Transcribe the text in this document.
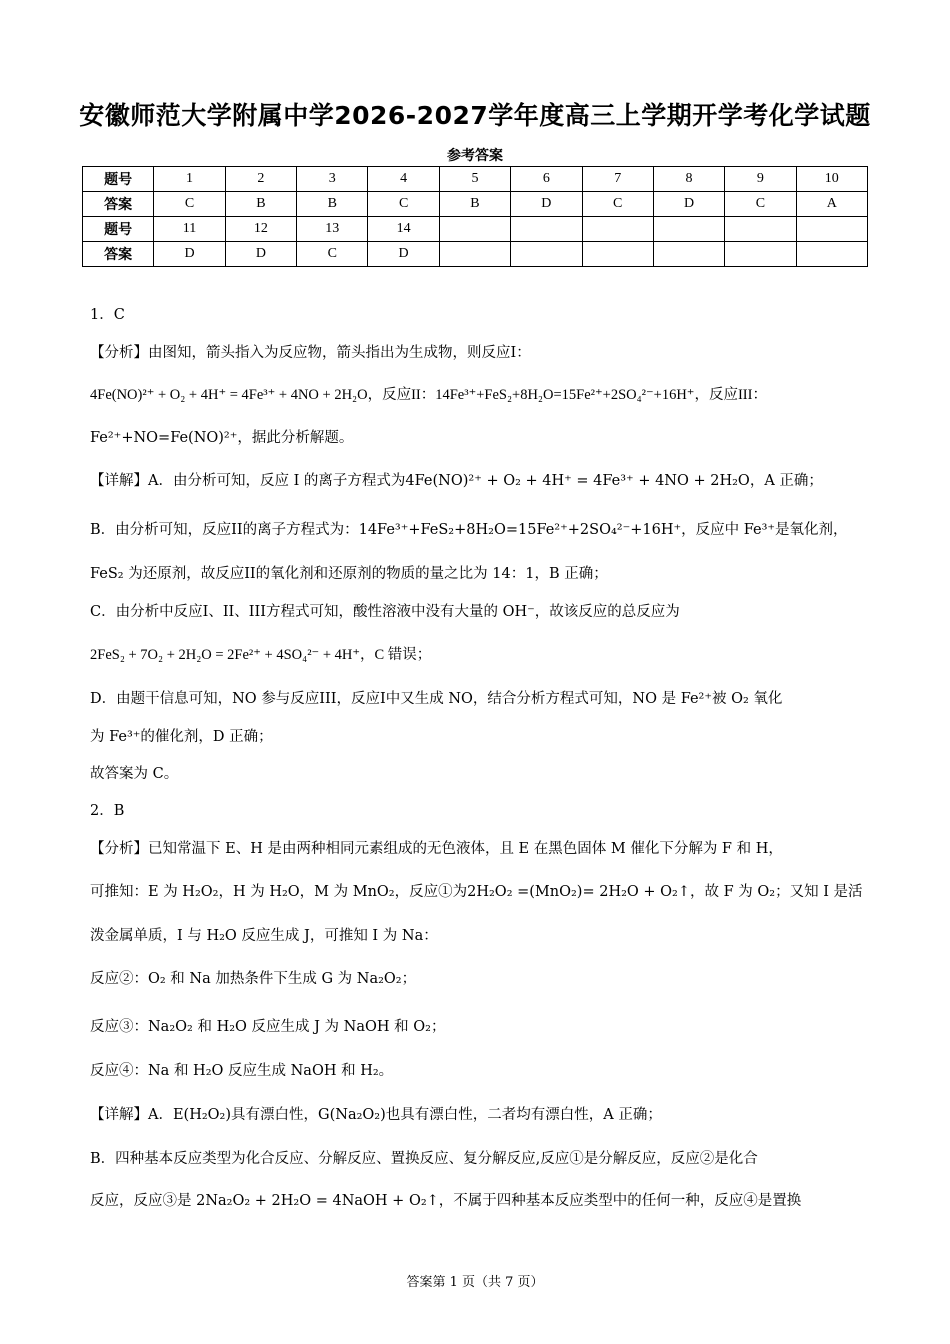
安徽师范大学附属中学2026-2027学年度高三上学期开学考化学试题
参考答案
题号	1	2	3	4	5	6	7	8	9	10
答案	C	B	B	C	B	D	C	D	C	A
题号	11	12	13	14						
答案	D	D	C	D						
1．C
【分析】由图知，箭头指入为反应物，箭头指出为生成物，则反应I：
4Fe(NO)²⁺ + O₂ + 4H⁺ = 4Fe³⁺ + 4NO + 2H₂O，反应II：14Fe³⁺+FeS₂+8H₂O=15Fe²⁺+2SO₄²⁻+16H⁺，反应III：
Fe²⁺+NO=Fe(NO)²⁺，据此分析解题。
【详解】A．由分析可知，反应 I 的离子方程式为4Fe(NO)²⁺ + O₂ + 4H⁺ = 4Fe³⁺ + 4NO + 2H₂O，A 正确；
B．由分析可知，反应II的离子方程式为：14Fe³⁺+FeS₂+8H₂O=15Fe²⁺+2SO₄²⁻+16H⁺，反应中 Fe³⁺是氧化剂，
FeS₂ 为还原剂，故反应II的氧化剂和还原剂的物质的量之比为 14：1，B 正确；
C．由分析中反应I、II、III方程式可知，酸性溶液中没有大量的 OH⁻，故该反应的总反应为
2FeS₂ + 7O₂ + 2H₂O = 2Fe²⁺ + 4SO₄²⁻ + 4H⁺，C 错误；
D．由题干信息可知，NO 参与反应III，反应I中又生成 NO，结合分析方程式可知，NO 是 Fe²⁺被 O₂ 氧化
为 Fe³⁺的催化剂，D 正确；
故答案为 C。
2．B
【分析】已知常温下 E、H 是由两种相同元素组成的无色液体，且 E 在黑色固体 M 催化下分解为 F 和 H，
可推知：E 为 H₂O₂，H 为 H₂O，M 为 MnO₂，反应①为2H₂O₂ =(MnO₂)= 2H₂O + O₂↑，故 F 为 O₂；又知 I 是活
泼金属单质，I 与 H₂O 反应生成 J，可推知 I 为 Na：
反应②：O₂ 和 Na 加热条件下生成 G 为 Na₂O₂；
反应③：Na₂O₂ 和 H₂O 反应生成 J 为 NaOH 和 O₂；
反应④：Na 和 H₂O 反应生成 NaOH 和 H₂。
【详解】A．E(H₂O₂)具有漂白性，G(Na₂O₂)也具有漂白性，二者均有漂白性，A 正确；
B．四种基本反应类型为化合反应、分解反应、置换反应、复分解反应,反应①是分解反应，反应②是化合
反应，反应③是 2Na₂O₂ + 2H₂O = 4NaOH + O₂↑，不属于四种基本反应类型中的任何一种，反应④是置换
答案第 1 页（共 7 页）
